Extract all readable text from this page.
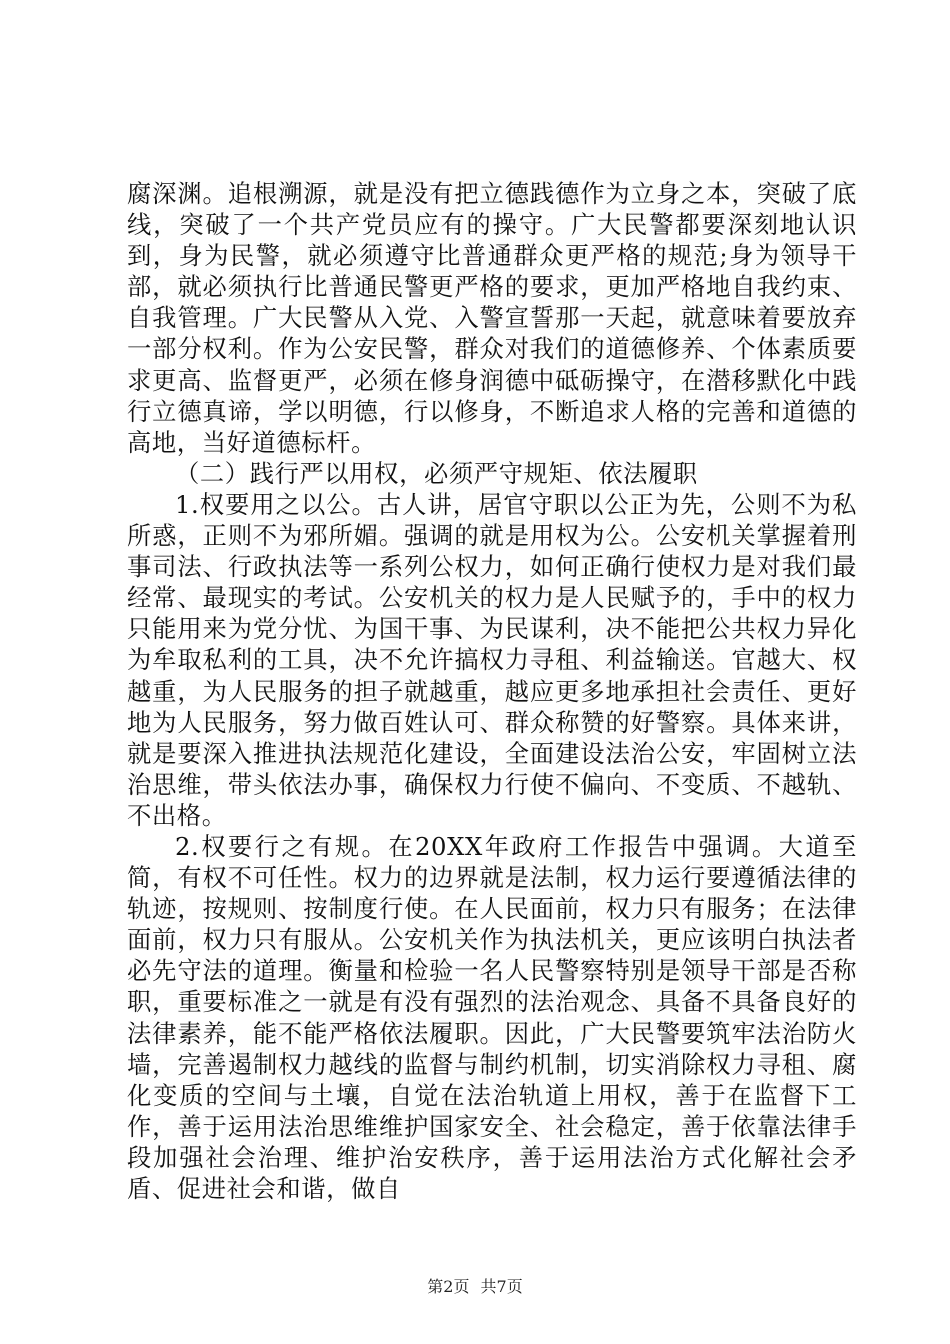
腐深渊。追根溯源，就是没有把立德践德作为立身之本，突破了底线，突破了一个共产党员应有的操守。广大民警都要深刻地认识到，身为民警，就必须遵守比普通群众更严格的规范;身为领导干部，就必须执行比普通民警更严格的要求，更加严格地自我约束、自我管理。广大民警从入党、入警宣誓那一天起，就意味着要放弃一部分权利。作为公安民警，群众对我们的道德修养、个体素质要求更高、监督更严，必须在修身润德中砥砺操守，在潜移默化中践行立德真谛，学以明德，行以修身，不断追求人格的完善和道德的高地，当好道德标杆。

（二）践行严以用权，必须严守规矩、依法履职

1.权要用之以公。古人讲，居官守职以公正为先，公则不为私所惑，正则不为邪所媚。强调的就是用权为公。公安机关掌握着刑事司法、行政执法等一系列公权力，如何正确行使权力是对我们最经常、最现实的考试。公安机关的权力是人民赋予的，手中的权力只能用来为党分忧、为国干事、为民谋利，决不能把公共权力异化为牟取私利的工具，决不允许搞权力寻租、利益输送。官越大、权越重，为人民服务的担子就越重，越应更多地承担社会责任、更好地为人民服务，努力做百姓认可、群众称赞的好警察。具体来讲，就是要深入推进执法规范化建设，全面建设法治公安，牢固树立法治思维，带头依法办事，确保权力行使不偏向、不变质、不越轨、不出格。

2.权要行之有规。在20XX年政府工作报告中强调。大道至简，有权不可任性。权力的边界就是法制，权力运行要遵循法律的轨迹，按规则、按制度行使。在人民面前，权力只有服务；在法律面前，权力只有服从。公安机关作为执法机关，更应该明白执法者必先守法的道理。衡量和检验一名人民警察特别是领导干部是否称职，重要标准之一就是有没有强烈的法治观念、具备不具备良好的法律素养，能不能严格依法履职。因此，广大民警要筑牢法治防火墙，完善遏制权力越线的监督与制约机制，切实消除权力寻租、腐化变质的空间与土壤，自觉在法治轨道上用权，善于在监督下工作，善于运用法治思维维护国家安全、社会稳定，善于依靠法律手段加强社会治理、维护治安秩序，善于运用法治方式化解社会矛盾、促进社会和谐，做自

第2页 共7页
